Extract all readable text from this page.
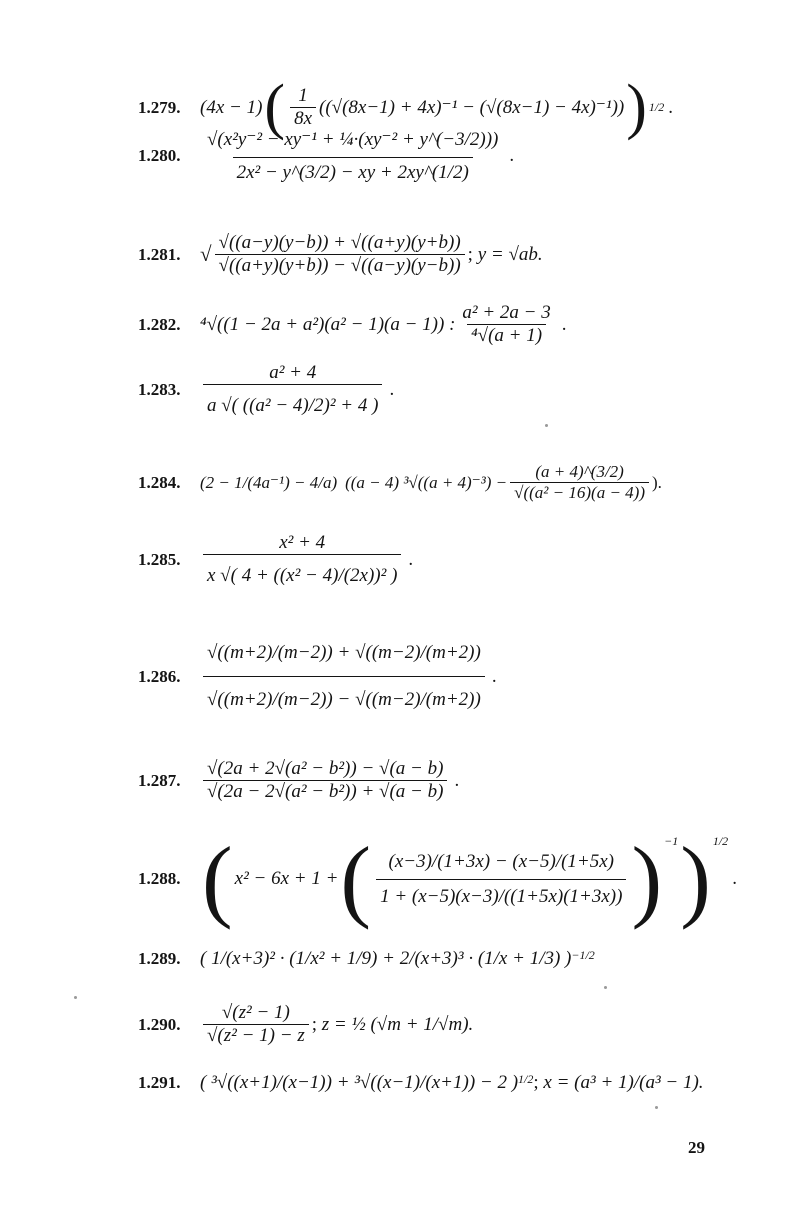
1.279.	(4x − 1) ( $\frac{1}{8x} ((√(8x-1) + 4x)^{-1} - (√(8x-1) - 4x)^{-1})$) ) 1/2 .
1.280.	$\frac{\text{√(x²y⁻² − xy⁻¹ + ¼·(xy⁻² + y\textasciicircum{}(−3/2)))}}{\text{2x² − y\textasciicircum{}(3/2) − xy + 2xy\textasciicircum{}(1/2)}}$ .
1.281. √ $\frac{√((a-y)(y-b)) + √((a+y)(y+b))}{√((a+y)(y+b)) - √((a-y)(y-b))}$ ; y = √ab.
1.282.	⁴√((1 − 2a + a²)(a² − 1)(a − 1)) : $\frac{\text{a² + 2a − 3}}{\text{⁴√(a + 1)}}$ .
1.283.	$\frac{\text{a² + 4}}{\text{a √( ((a² − 4)/2)² + 4 )}}$ .
1.284.	(2 − 1/(4a⁻¹) − 4/a) ((a − 4) $^3√((a + 4)^{-3}) - \frac{(a + 4)\^{}(3/2)}{\text{√((a² − 16)(a − 4))}}$ ).
1.285.	$\frac{\text{x² + 4}}{\text{x √( 4 + ((x² − 4)/(2x))² )}}$ .
1.286.	$\frac{√((m+2)/(m-2)) + √((m-2)/(m+2))}{√((m+2)/(m-2)) - √((m-2)/(m+2))}$ .
1.287.	$\frac{\text{√(2a + 2√(a² − b²)) − √(a − b)}}{\text{√(2a − 2√(a² − b²)) + √(a − b)}}$ .
1.288. ( x² − 6x + 1 + ( $\frac{(x-3)/(1+3x) - (x-5)/(1+5x)}{1 + (x-5)(x-3)/((1+5x)(1+3x))}$ ) −1 ) 1/2
.
1.289.	( 1/(x+3)² · (1/x² + 1/9) + 2/(x+3)³ · (1/x + 1/3) ) −1/2
1.290.	$\frac{\text{√(z² − 1)}}{\text{√(z² − 1) − z}}$ ; z = ½ (√m + 1/√m).
1.291.	( ³√((x+1)/(x−1)) + ³√((x−1)/(x+1)) − 2 ) 1/2 ; x = (a³ + 1)/(a³ − 1).
29
